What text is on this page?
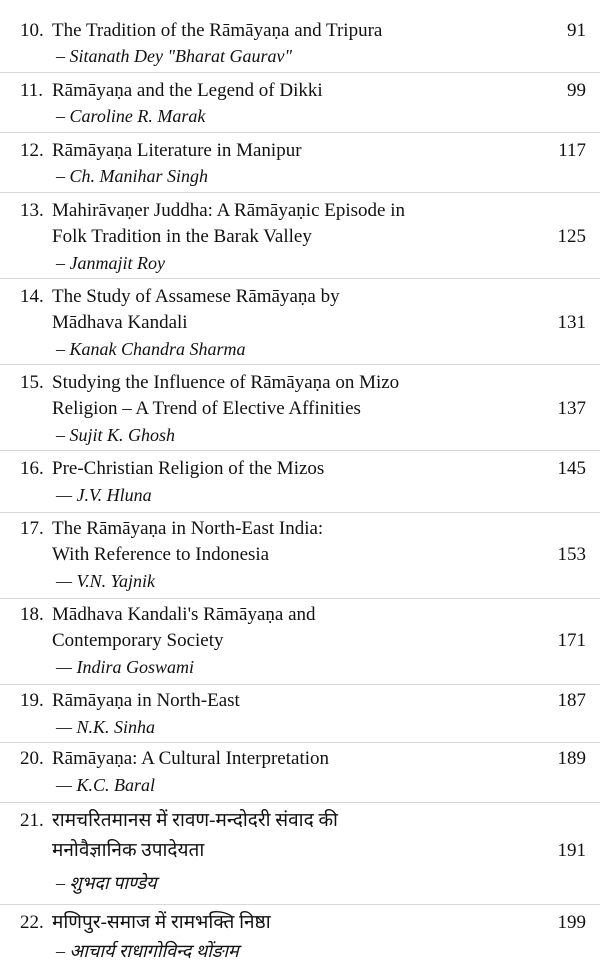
10. The Tradition of the Rāmāyaṇa and Tripura	91
– Sitanath Dey "Bharat Gaurav"
11. Rāmāyaṇa and the Legend of Dikki	99
– Caroline R. Marak
12. Rāmāyaṇa Literature in Manipur	117
– Ch. Manihar Singh
13. Mahirāvaṇer Juddha: A Rāmāyaṇic Episode in
Folk Tradition in the Barak Valley	125
– Janmajit Roy
14. The Study of Assamese Rāmāyaṇa by
Mādhava Kandali	131
– Kanak Chandra Sharma
15. Studying the Influence of Rāmāyaṇa on Mizo
Religion – A Trend of Elective Affinities	137
– Sujit K. Ghosh
16. Pre-Christian Religion of the Mizos	145
— J.V. Hluna
17. The Rāmāyaṇa in North-East India:
With Reference to Indonesia	153
— V.N. Yajnik
18. Mādhava Kandali's Rāmāyaṇa and
Contemporary Society	171
— Indira Goswami
19. Rāmāyaṇa in North-East	187
— N.K. Sinha
20. Rāmāyaṇa: A Cultural Interpretation	189
— K.C. Baral
21. रामचरितमानस में रावण-मन्दोदरी संवाद की
मनोवैज्ञानिक उपादेयता	191
– शुभदा पाण्डेय
22. मणिपुर-समाज में रामभक्ति निष्ठा	199
– आचार्य राधागोविन्द थोंङाम
